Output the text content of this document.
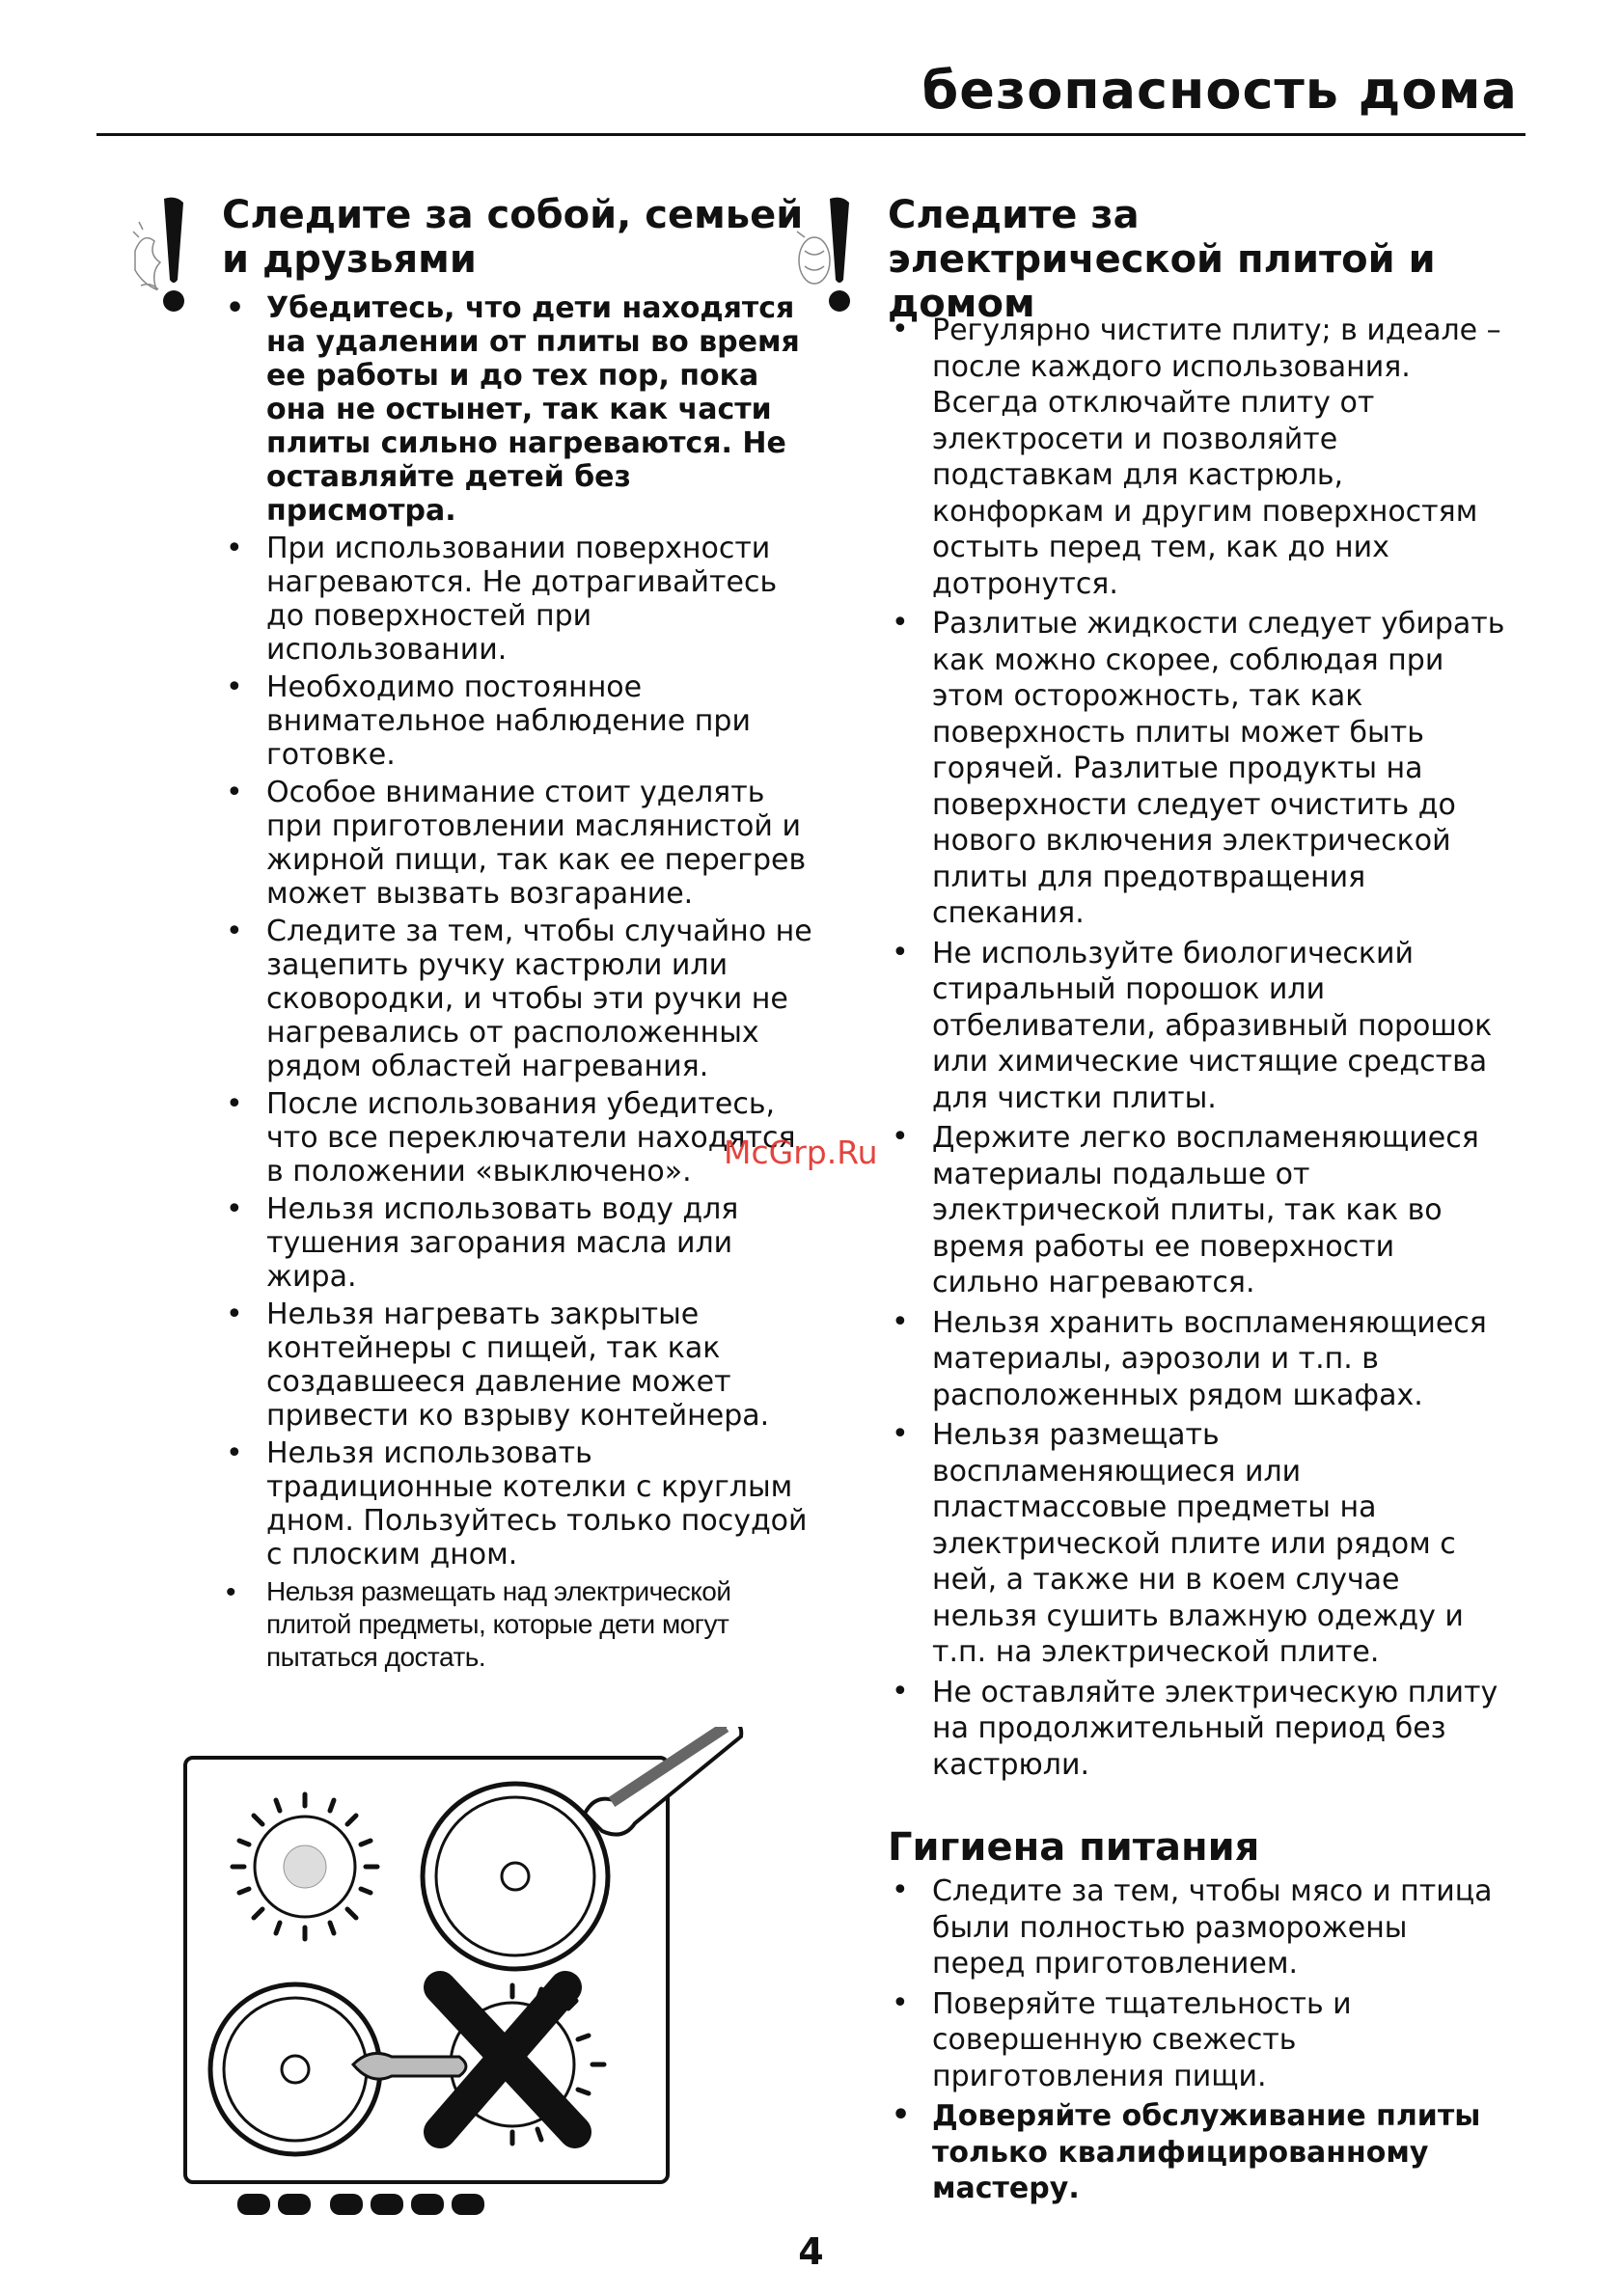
безопасность дома
Следите за собой, семьей и друзьями
• Убедитесь, что дети находятся на удалении от плиты во время ее работы и до тех пор, пока она не остынет, так как части плиты сильно нагреваются. Не оставляйте детей без присмотра.
• При использовании поверхности нагреваются. Не дотрагивайтесь до поверхностей при использовании.
• Необходимо постоянное внимательное наблюдение при готовке.
• Особое внимание стоит уделять при приготовлении маслянистой и жирной пищи, так как ее перегрев может вызвать возгарание.
• Следите за тем, чтобы случайно не зацепить ручку кастрюли или сковородки, и чтобы эти ручки не нагревались от расположенных рядом областей нагревания.
• После использования убедитесь, что все переключатели находятся в положении «выключено».
• Нельзя использовать воду для тушения загорания масла или жира.
• Нельзя нагревать закрытые контейнеры с пищей, так как создавшееся давление может привести ко взрыву контейнера.
• Нельзя использовать традиционные котелки с круглым дном. Пользуйтесь только посудой с плоским дном.
• Нельзя размещать над электрической плитой предметы, которые дети могут пытаться достать.
Следите за электрической плитой и домом
• Регулярно чистите плиту; в идеале – после каждого использования. Всегда отключайте плиту от электросети и позволяйте подставкам для кастрюль, конфоркам и другим поверхностям остыть перед тем, как до них дотронутся.
• Разлитые жидкости следует убирать как можно скорее, соблюдая при этом осторожность, так как поверхность плиты может быть горячей. Разлитые продукты на поверхности следует очистить до нового включения электрической плиты для предотвращения спекания.
• Не используйте биологический стиральный порошок или отбеливатели, абразивный порошок или химические чистящие средства для чистки плиты.
• Держите легко воспламеняющиеся материалы подальше от электрической плиты, так как во время работы ее поверхности сильно нагреваются.
• Нельзя хранить воспламеняющиеся материалы, аэрозоли и т.п. в расположенных рядом шкафах.
• Нельзя размещать воспламеняющиеся или пластмассовые предметы на электрической плите или рядом с ней, а также ни в коем случае нельзя сушить влажную одежду и т.п. на электрической плите.
• Не оставляйте электрическую плиту на продолжительный период без кастрюли.
Гигиена питания
• Следите за тем, чтобы мясо и птица были полностью разморожены перед приготовлением.
• Поверяйте тщательность и совершенную свежесть приготовления пищи.
• Доверяйте обслуживание плиты только квалифицированному мастеру.
McGrp.Ru
4
